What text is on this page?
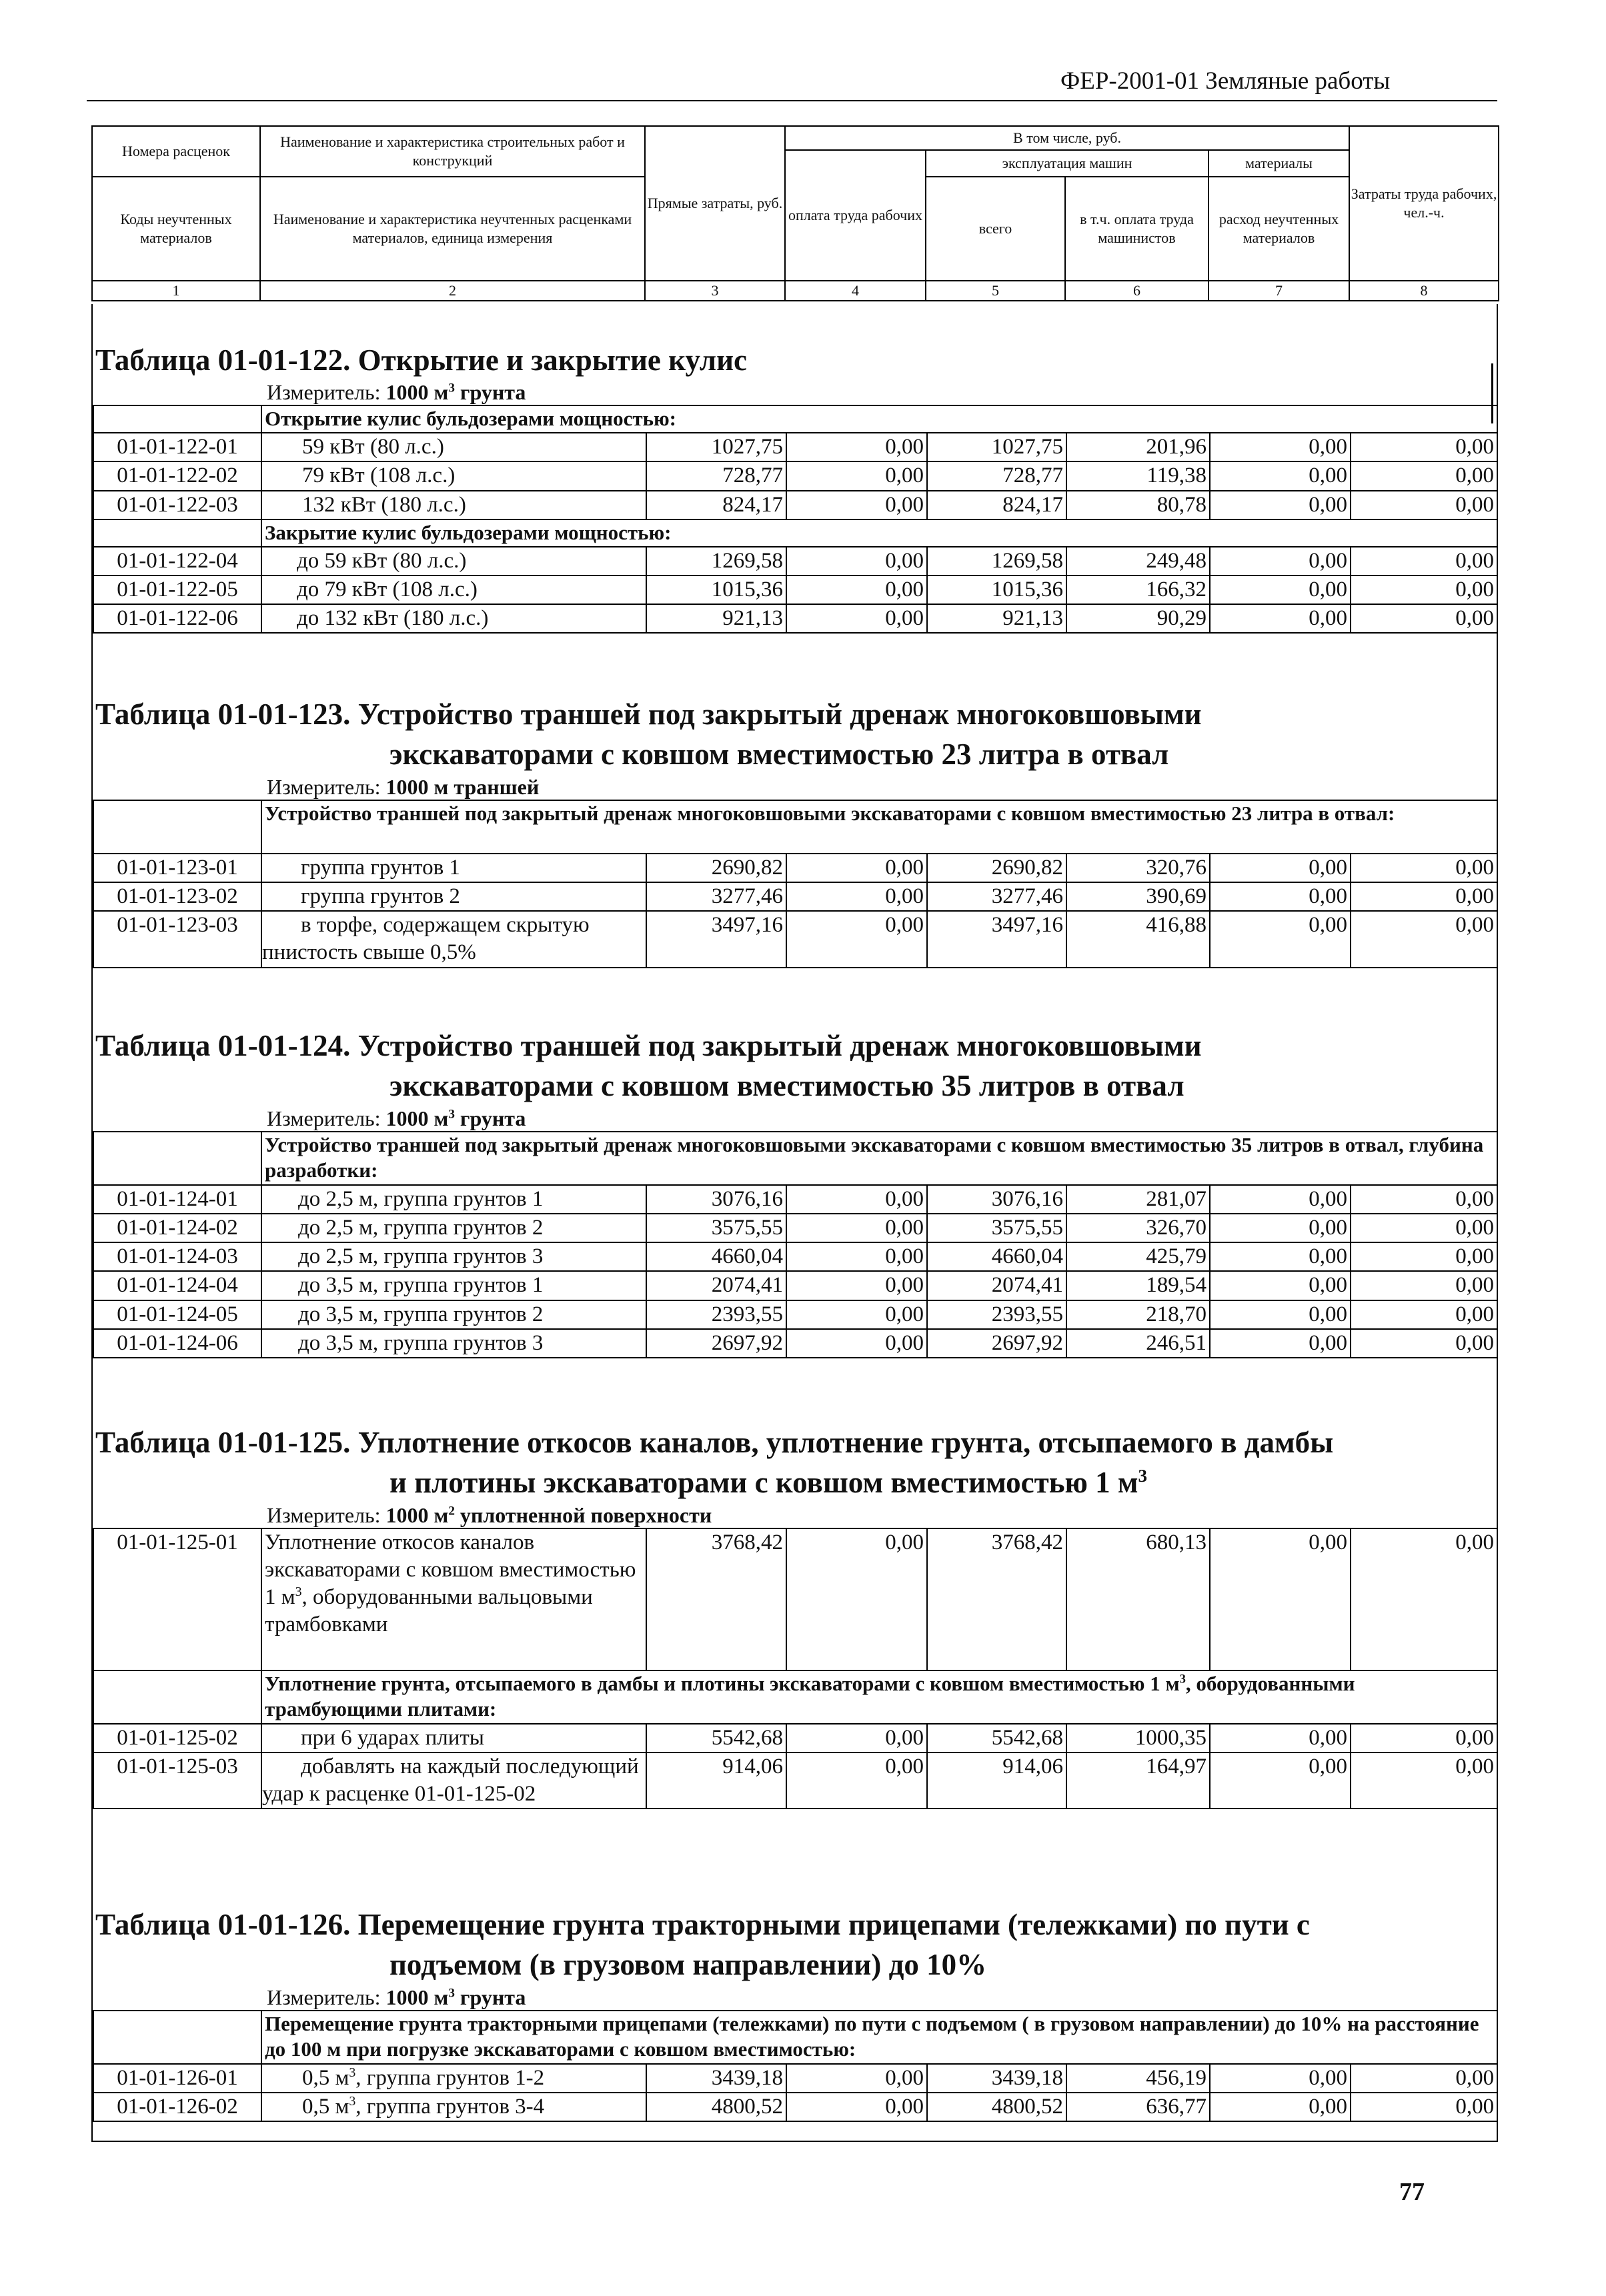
ФЕР-2001-01 Земляные работы
Номера расценок	Наименование и характеристика строительных работ и конструкций	Прямые затраты, руб.	В том числе, руб.				Затраты труда рабочих, чел.-ч.
			оплата труда рабочих	эксплуатация машин		материалы	
Коды неучтенных материалов	Наименование и характеристика неучтенных расценками материалов, единица измерения			всего	в т.ч. оплата труда машинистов	расход неучтенных материалов	

1	2	3	4	5	6	7	8

Таблица 01-01-122. Открытие и закрытие кулис

Измеритель: 1000 $м^3$ грунта
	Открытие кулис бульдозерами мощностью:						
01-01-122-01	59 кВт (80 л.с.)	1027,75	0,00	1027,75	201,96	0,00	0,00
01-01-122-02	79 кВт (108 л.с.)	728,77	0,00	728,77	119,38	0,00	0,00
01-01-122-03	132 кВт (180 л.с.)	824,17	0,00	824,17	80,78	0,00	0,00
	Закрытие кулис бульдозерами мощностью:						
01-01-122-04	до 59 кВт (80 л.с.)	1269,58	0,00	1269,58	249,48	0,00	0,00
01-01-122-05	до 79 кВт (108 л.с.)	1015,36	0,00	1015,36	166,32	0,00	0,00
01-01-122-06	до 132 кВт (180 л.с.)	921,13	0,00	921,13	90,29	0,00	0,00

Таблица 01-01-123. Устройство траншей под закрытый дренаж многоковшовыми
экскаваторами с ковшом вместимостью 23 литра в отвал

Измеритель: 1000 м траншей
	Устройство траншей под закрытый дренаж многоковшовыми экскаваторами с ковшом вместимостью 23 литра в отвал:						
01-01-123-01	группа грунтов 1	2690,82	0,00	2690,82	320,76	0,00	0,00
01-01-123-02	группа грунтов 2	3277,46	0,00	3277,46	390,69	0,00	0,00
01-01-123-03	в торфе, содержащем скрытую пнистость свыше 0,5%	3497,16	0,00	3497,16	416,88	0,00	0,00

Таблица 01-01-124. Устройство траншей под закрытый дренаж многоковшовыми
экскаваторами с ковшом вместимостью 35 литров в отвал

Измеритель: 1000 $м^3$ грунта
	Устройство траншей под закрытый дренаж многоковшовыми экскаваторами с ковшом вместимостью 35 литров в отвал, глубина разработки:						
01-01-124-01	до 2,5 м, группа грунтов 1	3076,16	0,00	3076,16	281,07	0,00	0,00
01-01-124-02	до 2,5 м, группа грунтов 2	3575,55	0,00	3575,55	326,70	0,00	0,00
01-01-124-03	до 2,5 м, группа грунтов 3	4660,04	0,00	4660,04	425,79	0,00	0,00
01-01-124-04	до 3,5 м, группа грунтов 1	2074,41	0,00	2074,41	189,54	0,00	0,00
01-01-124-05	до 3,5 м, группа грунтов 2	2393,55	0,00	2393,55	218,70	0,00	0,00
01-01-124-06	до 3,5 м, группа грунтов 3	2697,92	0,00	2697,92	246,51	0,00	0,00

Таблица 01-01-125. Уплотнение откосов каналов, уплотнение грунта, отсыпаемого в дамбы
и плотины экскаваторами с ковшом вместимостью 1 $м^3$

Измеритель: 1000 $м^2$ уплотненной поверхности
01-01-125-01	Уплотнение откосов каналов экскаваторами с ковшом вместимостью 1 $м^3$, оборудованными вальцовыми трамбовками	3768,42	0,00	3768,42	680,13	0,00	0,00
	Уплотнение грунта, отсыпаемого в дамбы и плотины экскаваторами с ковшом вместимостью 1 $м^3$, оборудованными трамбующими плитами:						
01-01-125-02	при 6 ударах плиты	5542,68	0,00	5542,68	1000,35	0,00	0,00
01-01-125-03	добавлять на каждый последующий удар к расценке 01-01-125-02	914,06	0,00	914,06	164,97	0,00	0,00

Таблица 01-01-126. Перемещение грунта тракторными прицепами (тележками) по пути с
подъемом (в грузовом направлении) до 10%

Измеритель: 1000 $м^3$ грунта
	Перемещение грунта тракторными прицепами (тележками) по пути с подъемом ( в грузовом направлении) до 10% на расстояние до 100 м при погрузке экскаваторами с ковшом вместимостью:						
01-01-126-01	0,5 $м^3$, группа грунтов 1-2	3439,18	0,00	3439,18	456,19	0,00	0,00
01-01-126-02	0,5 $м^3$, группа грунтов 3-4	4800,52	0,00	4800,52	636,77	0,00	0,00
77
